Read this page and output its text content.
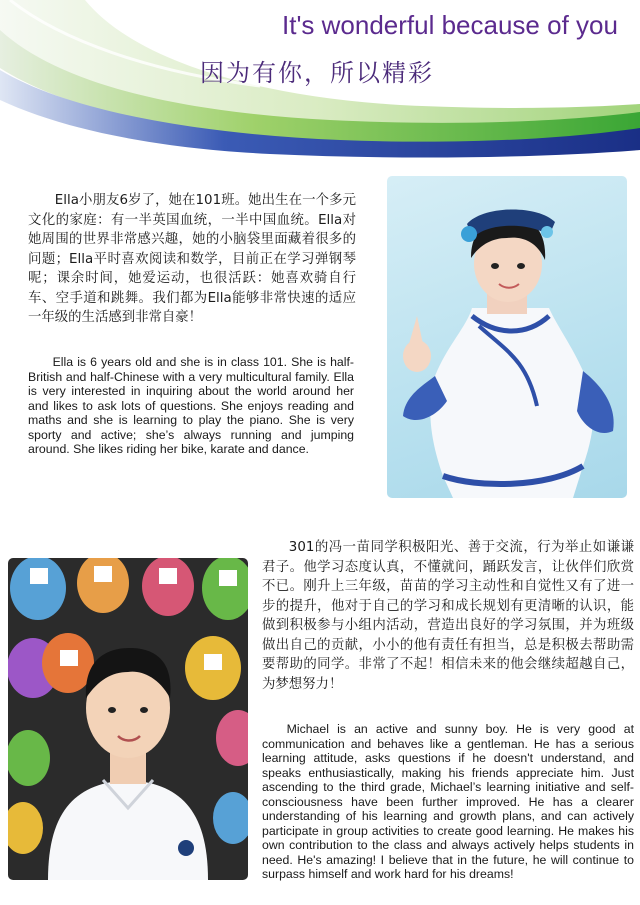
It's wonderful because of you
因为有你，所以精彩

Ella小朋友6岁了，她在101班。她出生在一个多元文化的家庭：有一半英国血统，一半中国血统。Ella对她周围的世界非常感兴趣，她的小脑袋里面藏着很多的问题；Ella平时喜欢阅读和数学，目前正在学习弹钢琴呢；课余时间，她爱运动，也很活跃：她喜欢骑自行车、空手道和跳舞。我们都为Ella能够非常快速的适应一年级的生活感到非常自豪！

Ella is 6 years old and she is in class 101. She is half-British and half-Chinese with a very multicultural family. Ella is very interested in inquiring about the world around her and likes to ask lots of questions. She enjoys reading and maths and she is learning to play the piano. She is very sporty and active; she’s always running and jumping around. She likes riding her bike, karate and dance.

301的冯一苗同学积极阳光、善于交流，行为举止如谦谦君子。他学习态度认真，不懂就问，踊跃发言，让伙伴们欣赏不已。刚升上三年级，苗苗的学习主动性和自觉性又有了进一步的提升，他对于自己的学习和成长规划有更清晰的认识，能做到积极参与小组内活动，营造出良好的学习氛围，并为班级做出自己的贡献，小小的他有责任有担当，总是积极去帮助需要帮助的同学。非常了不起！相信未来的他会继续超越自己，为梦想努力！

Michael is an active and sunny boy. He is very good at communication and behaves like a gentleman. He has a serious learning attitude, asks questions if he doesn't understand, and speaks enthusiastically, making his friends appreciate him. Just ascending to the third grade, Michael’s learning initiative and self-consciousness have been further improved. He has a clearer understanding of his learning and growth plans, and can actively participate in group activities to create good learning. He makes his own contribution to the class and always actively helps students in need. He's amazing! I believe that in the future, he will continue to surpass himself and work hard for his dreams!
